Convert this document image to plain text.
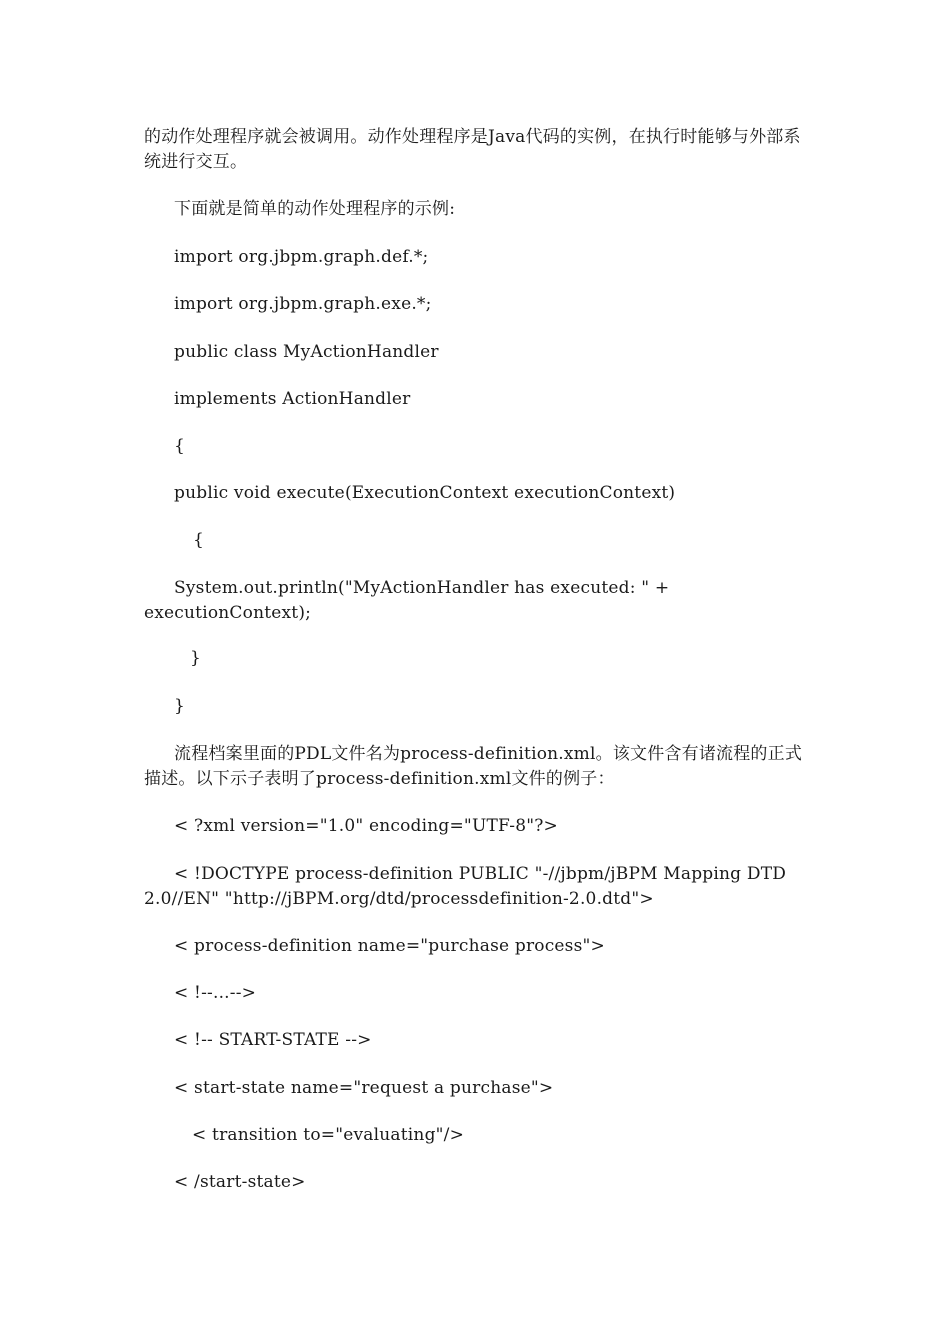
的动作处理程序就会被调用。动作处理程序是Java代码的实例，在执行时能够与外部系统进行交互。
下面就是简单的动作处理程序的示例:
import org.jbpm.graph.def.*;
import org.jbpm.graph.exe.*;
public class MyActionHandler
implements ActionHandler
{
public void execute(ExecutionContext executionContext)
{
System.out.println("MyActionHandler has executed: " + executionContext);
}
}
流程档案里面的PDL文件名为process-definition.xml。该文件含有诸流程的正式描述。以下示子表明了process-definition.xml文件的例子：
< ?xml version="1.0" encoding="UTF-8"?>
< !DOCTYPE process-definition PUBLIC "-//jbpm/jBPM Mapping DTD 2.0//EN" "http://jBPM.org/dtd/processdefinition-2.0.dtd">
< process-definition name="purchase process">
< !--...-->
< !-- START-STATE -->
< start-state name="request a purchase">
< transition to="evaluating"/>
< /start-state>
